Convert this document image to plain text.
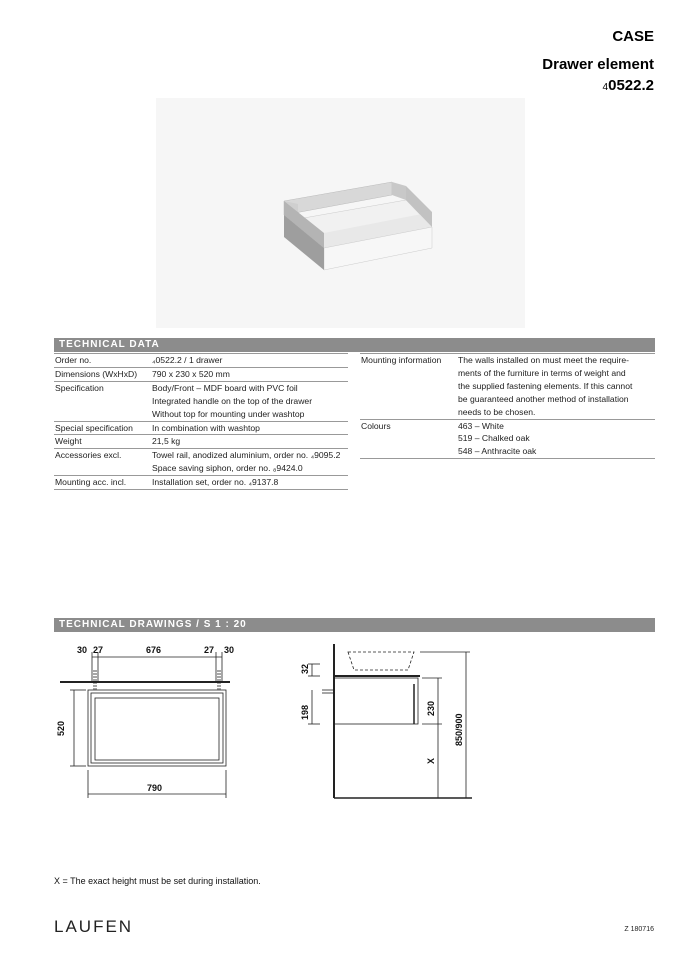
CASE
Drawer element
40522.2
TECHNICAL DATA
Order no.	₄0522.2 / 1 drawer
Dimensions (WxHxD)	790 x 230 x 520 mm
Specification	Body/Front – MDF board with PVC foil
	Integrated handle on the top of the drawer
	Without top for mounting under washtop
Special specification	In combination with washtop
Weight	21,5 kg
Accessories excl.	Towel rail, anodized aluminium, order no. ₄9095.2
	Space saving siphon, order no. ₈9424.0
Mounting acc. incl.	Installation set, order no. ₄9137.8
Mounting information	The walls installed on must meet the require-
	ments of the furniture in terms of weight and
	the supplied fastening elements. If this cannot
	be guaranteed another method of installation
	needs to be chosen.
Colours	463 – White
	519 – Chalked oak
	548 – Anthracite oak
TECHNICAL DRAWINGS / S 1 : 20
30 27	676	27 30
520
790
32
198	230
850/900
X
X = The exact height must be set during installation.
LAUFEN	Z 180716
